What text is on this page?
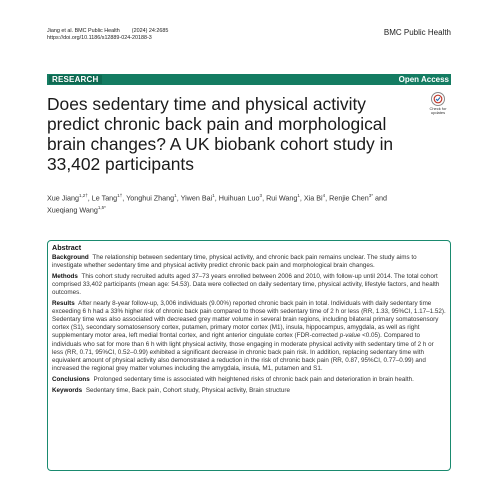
Jiang et al. BMC Public Health        (2024) 24:2685
https://doi.org/10.1186/s12889-024-20188-3
BMC Public Health
RESEARCH	Open Access
Check for
updates
Does sedentary time and physical activity predict chronic back pain and morphological brain changes? A UK biobank cohort study in 33,402 participants
Xue Jiang$^{1,2\dagger}$, Le Tang$^{1\dagger}$, Yonghui Zhang$^1$, Yiwen Bai$^1$, Huihuan Luo$^3$, Rui Wang$^1$, Xia Bi$^4$, Renjie Chen$^{3*}$ and
Xueqiang Wang$^{1,5*}$
Abstract

Background The relationship between sedentary time, physical activity, and chronic back pain remains unclear. The study aims to investigate whether sedentary time and physical activity predict chronic back pain and morphological brain changes.

Methods This cohort study recruited adults aged 37–73 years enrolled between 2006 and 2010, with follow-up until 2014. The total cohort comprised 33,402 participants (mean age: 54.53). Data were collected on daily sedentary time, physical activity, lifestyle factors, and health outcomes.

Results After nearly 8-year follow-up, 3,006 individuals (9.00%) reported chronic back pain in total. Individuals with daily sedentary time exceeding 6 h had a 33% higher risk of chronic back pain compared to those with sedentary time of 2 h or less (RR, 1.33, 95%CI, 1.17–1.52). Sedentary time was also associated with decreased grey matter volume in several brain regions, including bilateral primary somatosensory cortex (S1), secondary somatosensory cortex, putamen, primary motor cortex (M1), insula, hippocampus, amygdala, as well as right supplementary motor area, left medial frontal cortex, and right anterior cingulate cortex (FDR-corrected p-value <0.05). Compared to individuals who sat for more than 6 h with light physical activity, those engaging in moderate physical activity with sedentary time of 2 h or less (RR, 0.71, 95%CI, 0.52–0.99) exhibited a significant decrease in chronic back pain risk. In addition, replacing sedentary time with equivalent amount of physical activity also demonstrated a reduction in the risk of chronic back pain (RR, 0.87, 95%CI, 0.77–0.99) and increased the regional grey matter volumes including the amygdala, insula, M1, putamen and S1.

Conclusions Prolonged sedentary time is associated with heightened risks of chronic back pain and deterioration in brain health.

Keywords Sedentary time, Back pain, Cohort study, Physical activity, Brain structure
